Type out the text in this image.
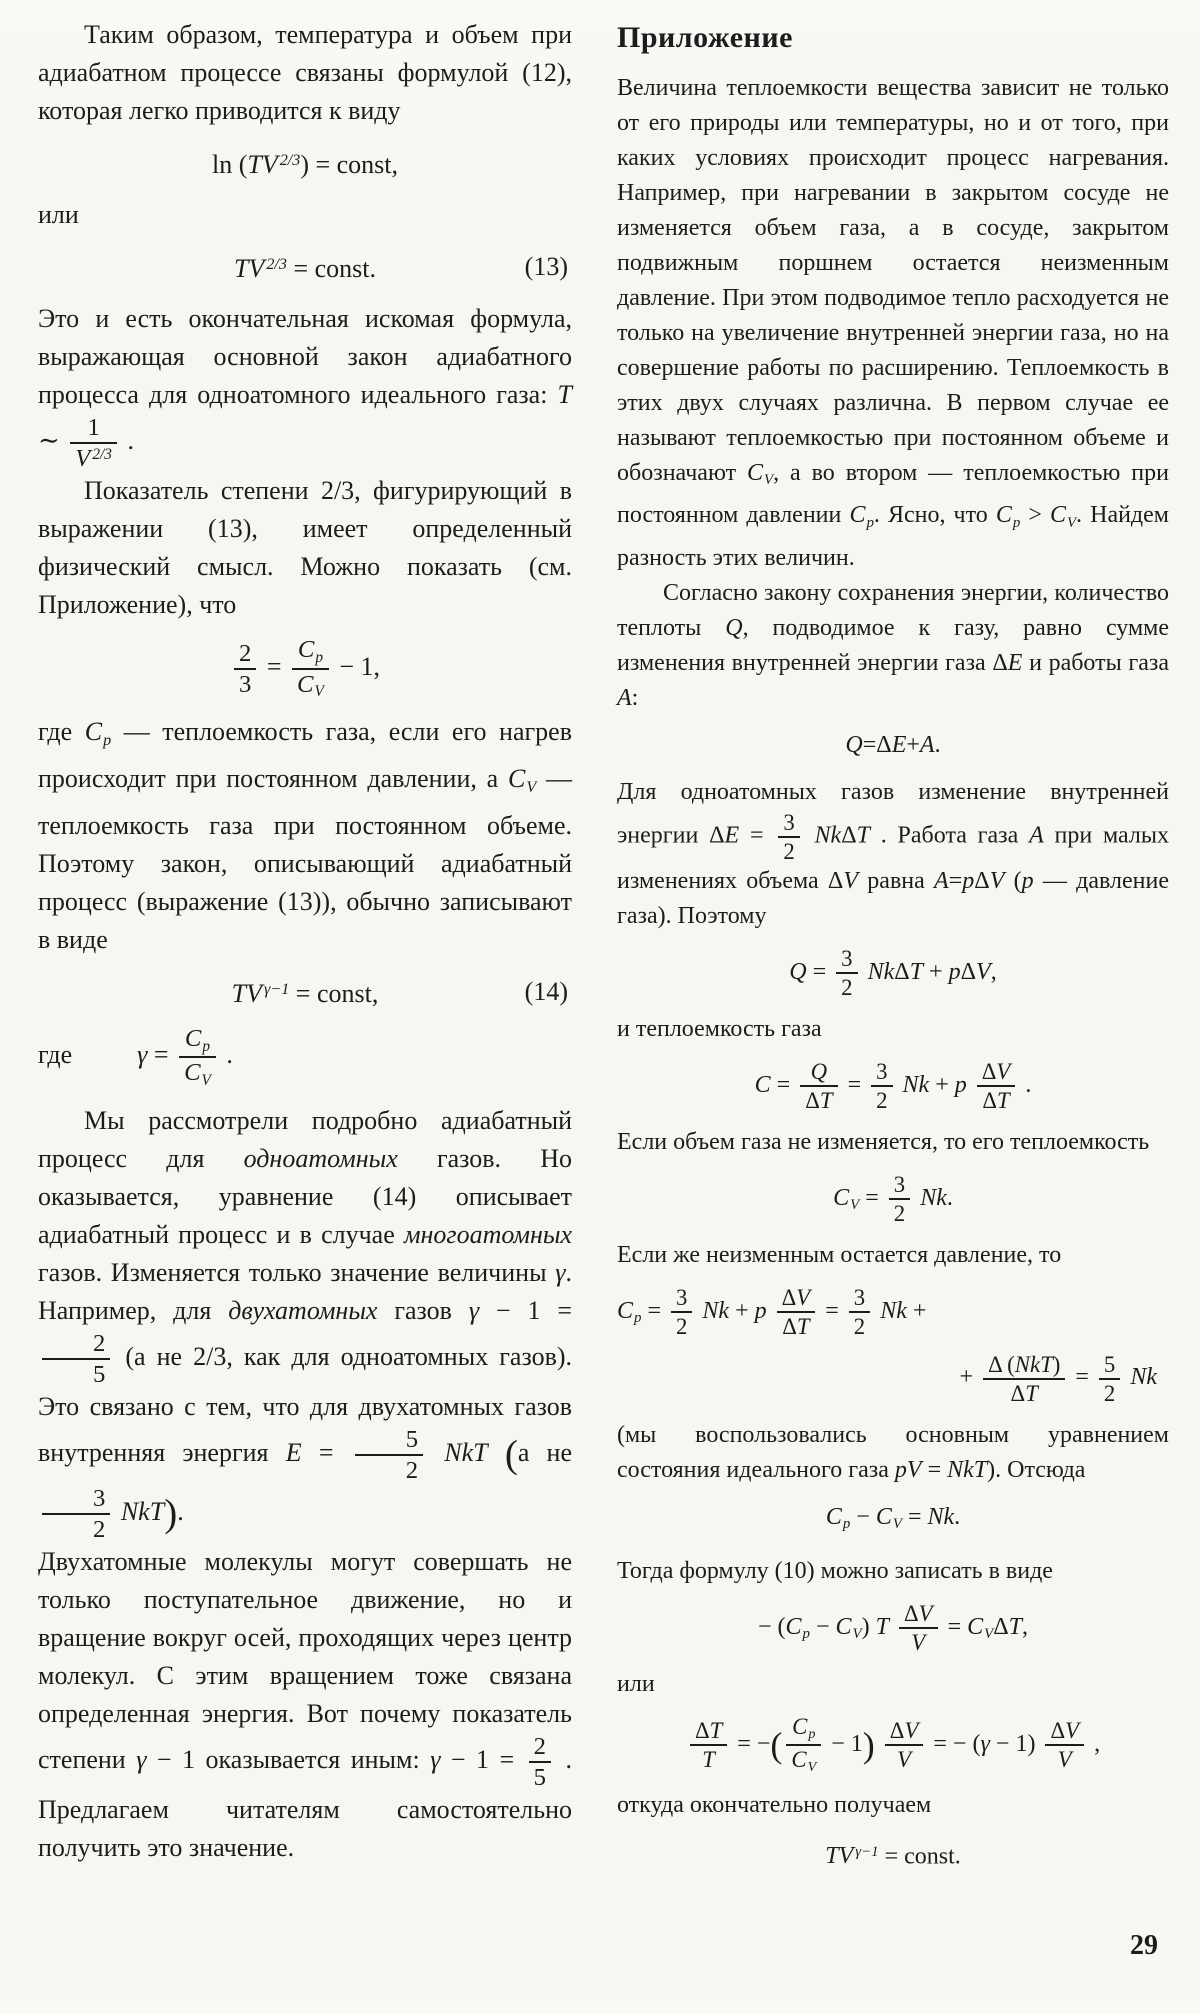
Таким образом, температура и объем при адиабатном процессе связаны формулой (12), которая легко приводится к виду

ln (TV $^{2/3}$) = const,

или

TV $^{2/3}$ = const.	(13)

Это и есть окончательная искомая формула, выражающая основной закон адиабатного процесса для одноатомного идеального газа: T ∼ $\frac{1}{V ^{2/3}}$ .

Показатель степени 2/3, фигурирующий в выражении (13), имеет определенный физический смысл. Можно показать (см. Приложение), что

$\frac{2}{3} = \frac{Cp}{CV} - 1$,

где Cp — теплоемкость газа, если его нагрев происходит при постоянном давлении, а CV — теплоемкость газа при постоянном объеме. Поэтому закон, описывающий адиабатный процесс (выражение (13)), обычно записывают в виде

TV $^{\gamma-1}$ = const,	(14)
где	$\gamma = \frac{Cp}{CV}$ .

Мы рассмотрели подробно адиабатный процесс для одноатомных газов. Но оказывается, уравнение (14) описывает адиабатный процесс и в случае многоатомных газов. Изменяется только значение величины γ. Например, для двухатомных газов γ − 1 =
$\frac{2}{5} (а$ не 2/3, как для одноатомных газов). Это связано с тем, что для двухатомных газов внутренняя энергия $E = \frac{5}{2}$ NkT (а не
$\frac{3}{2} NkT$).

Двухатомные молекулы могут совершать не только поступательное движение, но и вращение вокруг осей, проходящих через центр молекул. С этим вращением тоже связана определенная энергия. Вот почему показатель степени γ − 1 оказывается иным: $\gamma - 1 = \frac{2}{5}$ . Предлагаем читателям самостоятельно получить это значение.

Приложение

Величина теплоемкости вещества зависит не только от его природы или температуры, но и от того, при каких условиях происходит процесс нагревания. Например, при нагревании в закрытом сосуде не изменяется объем газа, а в сосуде, закрытом подвижным поршнем остается неизменным давление. При этом подводимое тепло расходуется не только на увеличение внутренней энергии газа, но на совершение работы по расширению. Теплоемкость в этих двух случаях различна. В первом случае ее называют теплоемкостью при постоянном объеме и обозначают CV, а во втором — теплоемкостью при постоянном давлении Cp. Ясно, что Cp > CV. Найдем разность этих величин.

Согласно закону сохранения энергии, количество теплоты Q, подводимое к газу, равно сумме изменения внутренней энергии газа ΔE и работы газа A:

Q=ΔE+A.

Для одноатомных газов изменение внутренней энергии $\Delta E = \frac{3}{2}$ NkΔT . Работа газа A при малых изменениях объема ΔV равна A=pΔV (p — давление газа). Поэтому

$Q = \frac{3}{2}$ NkΔT + pΔV,

и теплоемкость газа

$C = \frac{Q}{\Delta T} = \frac{3}{2}$ Nk + p $\frac{\Delta V}{\Delta T}$ .

Если объем газа не изменяется, то его теплоемкость

CV = $\frac{3}{2} Nk$.

Если же неизменным остается давление, то

$Cp = \frac{3}{2}$ Nk + p $\frac{\Delta V}{\Delta T} = \frac{3}{2}$ Nk +
+ $\frac{\text{Δ (NkT)}}{\Delta T} = \frac{5}{2}$ Nk

(мы воспользовались основным уравнением состояния идеального газа pV = NkT). Отсюда

Cp − CV = Nk.

Тогда формулу (10) можно записать в виде

− (Cp − CV) T $\frac{\Delta V}{V} = CV\Delta T$,

или

$\frac{\Delta T}{T}$ = −( $\frac{Cp}{CV} - 1) \frac{\Delta V}{V}$ = − $(\gamma - 1) \frac{\Delta V}{V}$ ,

откуда окончательно получаем

TV $^{\gamma-1}$ = const.
29
